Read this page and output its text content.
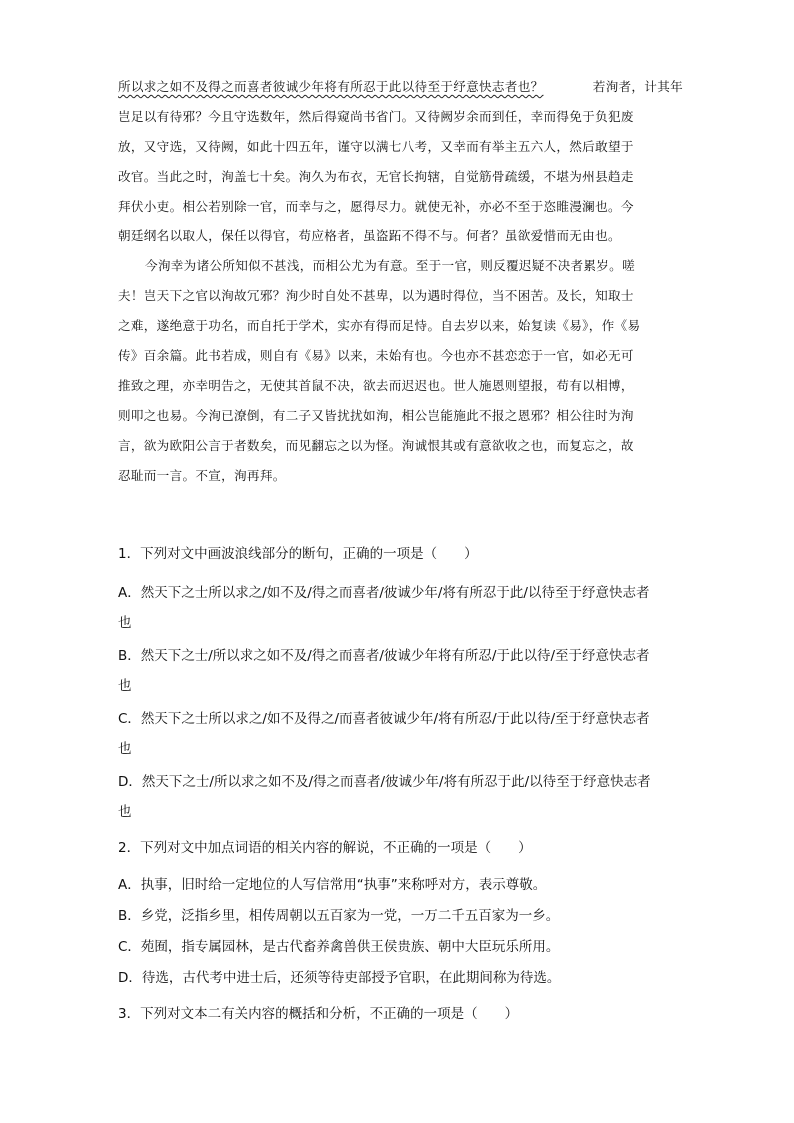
所以求之如不及得之而喜者彼诚少年将有所忍于此以待至于纾意快志者也？	若洵者，计其年
岂足以有待邪？今且守选数年，然后得窥尚书省门。又待阙岁余而到任，幸而得免于负犯废
放，又守选，又待阙，如此十四五年，谨守以满七八考，又幸而有举主五六人，然后敢望于
改官。当此之时，洵盖七十矣。洵久为布衣，无官长拘辖，自觉筋骨疏缓，不堪为州县趋走
拜伏小吏。相公若别除一官，而幸与之，愿得尽力。就使无补，亦必不至于恣睢漫澜也。今
朝廷纲名以取人，保任以得官，苟应格者，虽盗跖不得不与。何者？虽欲爱惜而无由也。
今洵幸为诸公所知似不甚浅，而相公尤为有意。至于一官，则反覆迟疑不决者累岁。嗟
夫！岂天下之官以洵故冗邪？洵少时自处不甚卑，以为遇时得位，当不困苦。及长，知取士
之难，遂绝意于功名，而自托于学术，实亦有得而足恃。自去岁以来，始复读《易》，作《易
传》百余篇。此书若成，则自有《易》以来，未始有也。今也亦不甚恋恋于一官，如必无可
推致之理，亦幸明告之，无使其首鼠不决，欲去而迟迟也。世人施恩则望报，苟有以相博，
则叩之也易。今洵已潦倒，有二子又皆扰扰如洵，相公岂能施此不报之恩邪？相公往时为洵
言，欲为欧阳公言于者数矣，而见翻忘之以为怪。洵诚恨其或有意欲收之也，而复忘之，故
忍耻而一言。不宣，洵再拜。
1．下列对文中画波浪线部分的断句，正确的一项是（　　）
A．然天下之士所以求之/如不及/得之而喜者/彼诚少年/将有所忍于此/以待至于纾意快志者
也
B．然天下之士/所以求之如不及/得之而喜者/彼诚少年将有所忍/于此以待/至于纾意快志者
也
C．然天下之士所以求之/如不及得之/而喜者彼诚少年/将有所忍/于此以待/至于纾意快志者
也
D．然天下之士/所以求之如不及/得之而喜者/彼诚少年/将有所忍于此/以待至于纾意快志者
也
2．下列对文中加点词语的相关内容的解说，不正确的一项是（　　）
A．执事，旧时给一定地位的人写信常用“执事”来称呼对方，表示尊敬。
B．乡党，泛指乡里，相传周朝以五百家为一党，一万二千五百家为一乡。
C．苑囿，指专属园林，是古代畜养禽兽供王侯贵族、朝中大臣玩乐所用。
D．待选，古代考中进士后，还须等待吏部授予官职，在此期间称为待选。
3．下列对文本二有关内容的概括和分析，不正确的一项是（　　）
